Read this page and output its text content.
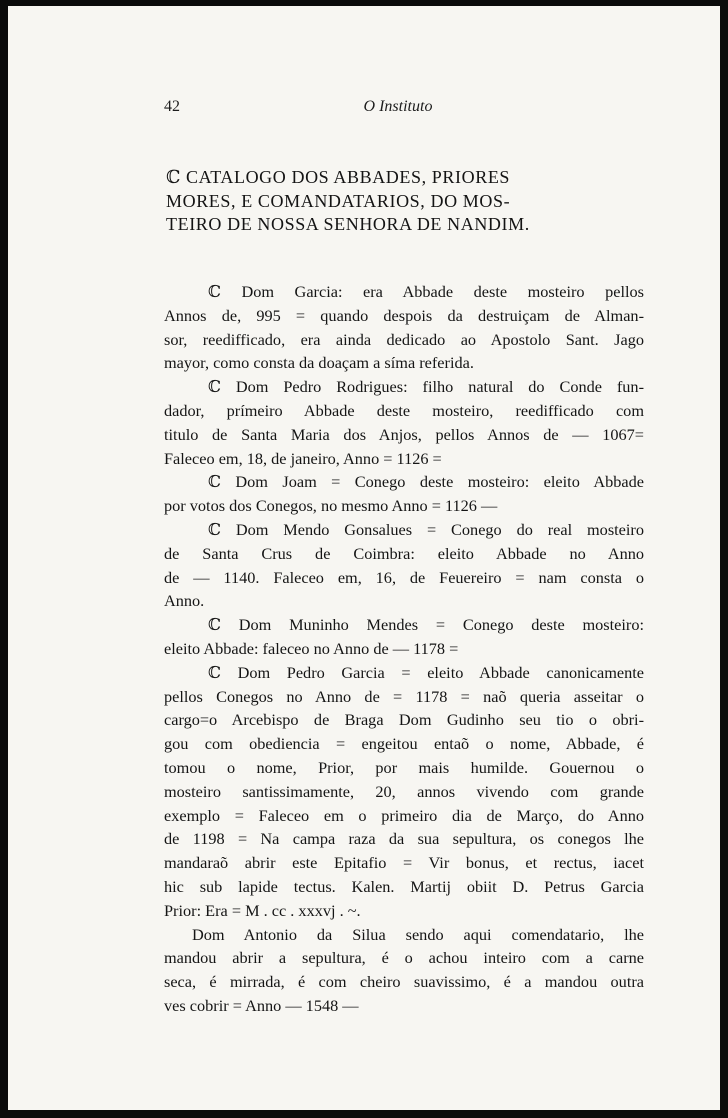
42	O Instituto
ℂ CATALOGO DOS ABBADES, PRIORES
MORES, E COMANDATARIOS, DO MOS-
TEIRO DE NOSSA SENHORA DE NANDIM.
ℂ Dom Garcia: era Abbade deste mosteiro pellos
Annos de, 995 = quando despois da destruiçam de Alman-
sor, reedifficado, era ainda dedicado ao Apostolo Sant. Jago
mayor, como consta da doaçam a síma referida.
ℂ Dom Pedro Rodrigues: filho natural do Conde fun-
dador, prímeiro Abbade deste mosteiro, reedifficado com
titulo de Santa Maria dos Anjos, pellos Annos de — 1067=
Faleceo em, 18, de janeiro, Anno = 1126 =
ℂ Dom Joam = Conego deste mosteiro: eleito Abbade
por votos dos Conegos, no mesmo Anno = 1126 —
ℂ Dom Mendo Gonsalues = Conego do real mosteiro
de Santa Crus de Coimbra: eleito Abbade no Anno
de — 1140. Faleceo em, 16, de Feuereiro = nam consta o
Anno.
ℂ Dom Muninho Mendes = Conego deste mosteiro:
eleito Abbade: faleceo no Anno de — 1178 =
ℂ Dom Pedro Garcia = eleito Abbade canonicamente
pellos Conegos no Anno de = 1178 = naõ queria asseitar o
cargo=o Arcebispo de Braga Dom Gudinho seu tio o obri-
gou com obediencia = engeitou entaõ o nome, Abbade, é
tomou o nome, Prior, por mais humilde. Gouernou o
mosteiro santissimamente, 20, annos vivendo com grande
exemplo = Faleceo em o primeiro dia de Março, do Anno
de 1198 = Na campa raza da sua sepultura, os conegos lhe
mandaraõ abrir este Epitafio = Vir bonus, et rectus, iacet
hic sub lapide tectus. Kalen. Martij obiit D. Petrus Garcia
Prior: Era = M . cc . xxxvj . ~.
Dom Antonio da Silua sendo aqui comendatario, lhe
mandou abrir a sepultura, é o achou inteiro com a carne
seca, é mirrada, é com cheiro suavissimo, é a mandou outra
ves cobrir = Anno — 1548 —
